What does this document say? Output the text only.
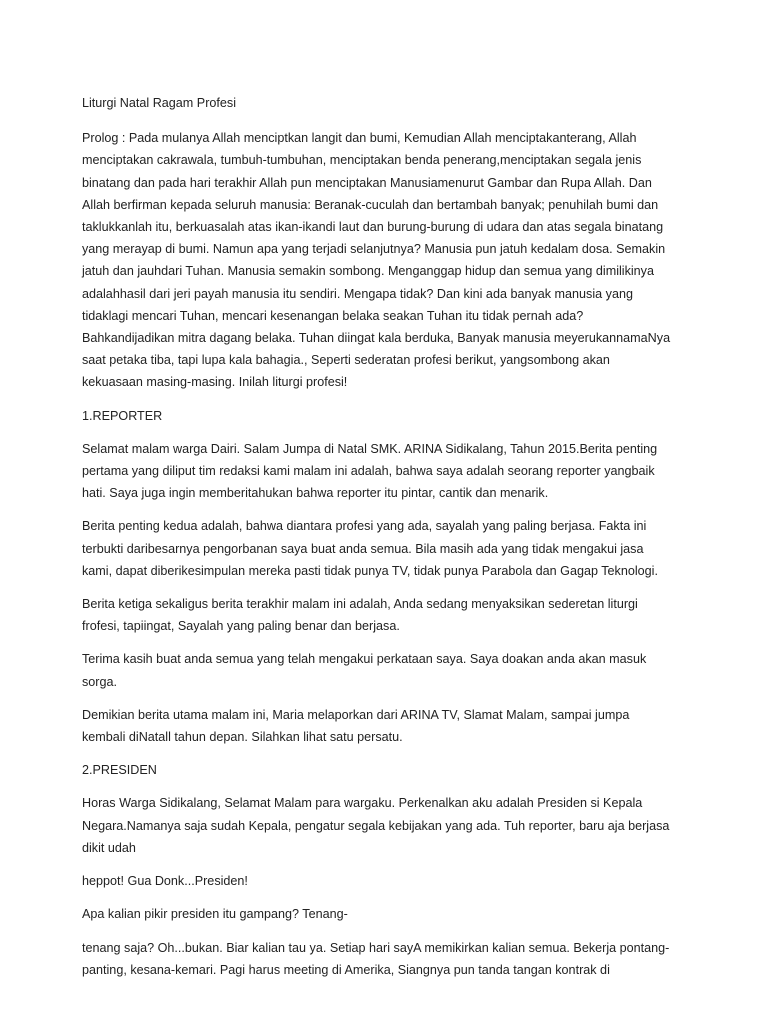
Liturgi Natal Ragam Profesi
Prolog : Pada mulanya Allah menciptkan langit dan bumi, Kemudian Allah menciptakanterang, Allah
menciptakan cakrawala, tumbuh-tumbuhan, menciptakan benda penerang,menciptakan segala jenis
binatang dan pada hari terakhir Allah pun menciptakan Manusiamenurut Gambar dan Rupa Allah. Dan
Allah berfirman kepada seluruh manusia: Beranak-cuculah dan bertambah banyak; penuhilah bumi dan
taklukkanlah itu, berkuasalah atas ikan-ikandi laut dan burung-burung di udara dan atas segala binatang
yang merayap di bumi. Namun apa yang terjadi selanjutnya? Manusia pun jatuh kedalam dosa. Semakin
jatuh dan jauhdari Tuhan. Manusia semakin sombong. Menganggap hidup dan semua yang dimilikinya
adalahhasil dari jeri payah manusia itu sendiri. Mengapa tidak? Dan kini ada banyak manusia yang
tidaklagi mencari Tuhan, mencari kesenangan belaka seakan Tuhan itu tidak pernah ada?
Bahkandijadikan mitra dagang belaka. Tuhan diingat kala berduka, Banyak manusia meyerukannamaNya
saat petaka tiba, tapi lupa kala bahagia., Seperti sederatan profesi berikut, yangsombong akan
kekuasaan masing-masing. Inilah liturgi profesi!
1.REPORTER
Selamat malam warga Dairi. Salam Jumpa di Natal SMK. ARINA Sidikalang, Tahun 2015.Berita penting
pertama yang diliput tim redaksi kami malam ini adalah, bahwa saya adalah seorang reporter yangbaik
hati. Saya juga ingin memberitahukan bahwa reporter itu pintar, cantik dan menarik.
Berita penting kedua adalah, bahwa diantara profesi yang ada, sayalah yang paling berjasa. Fakta ini
terbukti daribesarnya pengorbanan saya buat anda semua. Bila masih ada yang tidak mengakui jasa
kami, dapat diberikesimpulan mereka pasti tidak punya TV, tidak punya Parabola dan Gagap Teknologi.
Berita ketiga sekaligus berita terakhir malam ini adalah, Anda sedang menyaksikan sederetan liturgi
frofesi, tapiingat, Sayalah yang paling benar dan berjasa.
Terima kasih buat anda semua yang telah mengakui perkataan saya. Saya doakan anda akan masuk
sorga.
Demikian berita utama malam ini, Maria melaporkan dari ARINA TV, Slamat Malam, sampai jumpa
kembali diNatall tahun depan. Silahkan lihat satu persatu.
2.PRESIDEN
Horas Warga Sidikalang, Selamat Malam para wargaku. Perkenalkan aku adalah Presiden si Kepala
Negara.Namanya saja sudah Kepala, pengatur segala kebijakan yang ada. Tuh reporter, baru aja berjasa
dikit udah
heppot! Gua Donk...Presiden!
Apa kalian pikir presiden itu gampang? Tenang-
tenang saja? Oh...bukan. Biar kalian tau ya. Setiap hari sayA memikirkan kalian semua. Bekerja pontang-
panting, kesana-kemari. Pagi harus meeting di Amerika, Siangnya pun tanda tangan kontrak di
